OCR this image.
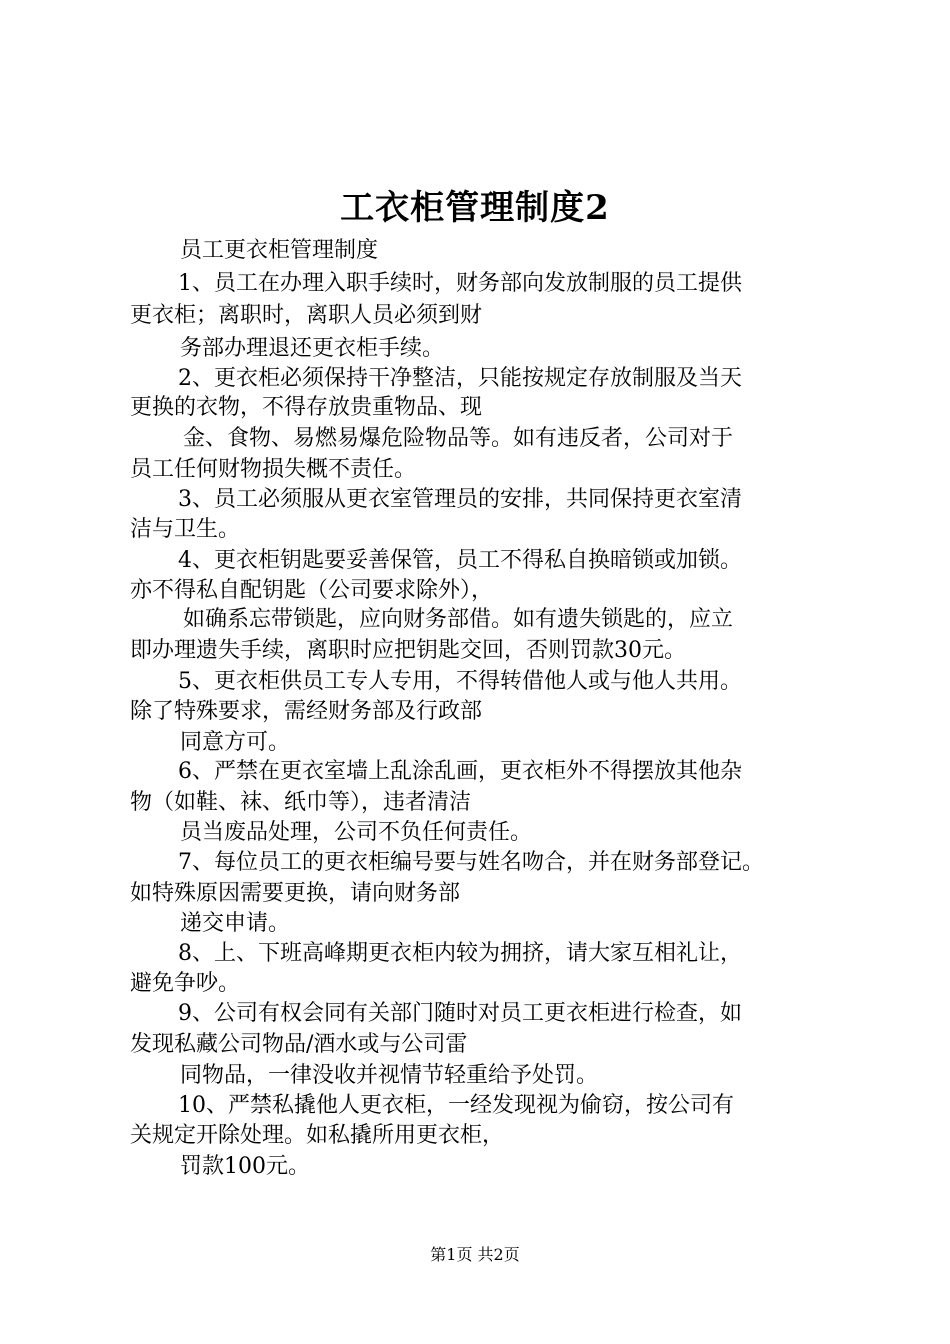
工衣柜管理制度2
员工更衣柜管理制度
1、员工在办理入职手续时，财务部向发放制服的员工提供
更衣柜；离职时，离职人员必须到财
务部办理退还更衣柜手续。
2、更衣柜必须保持干净整洁，只能按规定存放制服及当天
更换的衣物，不得存放贵重物品、现
金、食物、易燃易爆危险物品等。如有违反者，公司对于
员工任何财物损失概不责任。
3、员工必须服从更衣室管理员的安排，共同保持更衣室清
洁与卫生。
4、更衣柜钥匙要妥善保管，员工不得私自换暗锁或加锁。
亦不得私自配钥匙（公司要求除外），
如确系忘带锁匙，应向财务部借。如有遗失锁匙的，应立
即办理遗失手续，离职时应把钥匙交回，否则罚款30元。
5、更衣柜供员工专人专用，不得转借他人或与他人共用。
除了特殊要求，需经财务部及行政部
同意方可。
6、严禁在更衣室墙上乱涂乱画，更衣柜外不得摆放其他杂
物（如鞋、袜、纸巾等），违者清洁
员当废品处理，公司不负任何责任。
7、每位员工的更衣柜编号要与姓名吻合，并在财务部登记。
如特殊原因需要更换，请向财务部
递交申请。
8、上、下班高峰期更衣柜内较为拥挤，请大家互相礼让，
避免争吵。
9、公司有权会同有关部门随时对员工更衣柜进行检查，如
发现私藏公司物品/酒水或与公司雷
同物品，一律没收并视情节轻重给予处罚。
10、严禁私撬他人更衣柜，一经发现视为偷窃，按公司有
关规定开除处理。如私撬所用更衣柜，
罚款100元。
第1页 共2页
